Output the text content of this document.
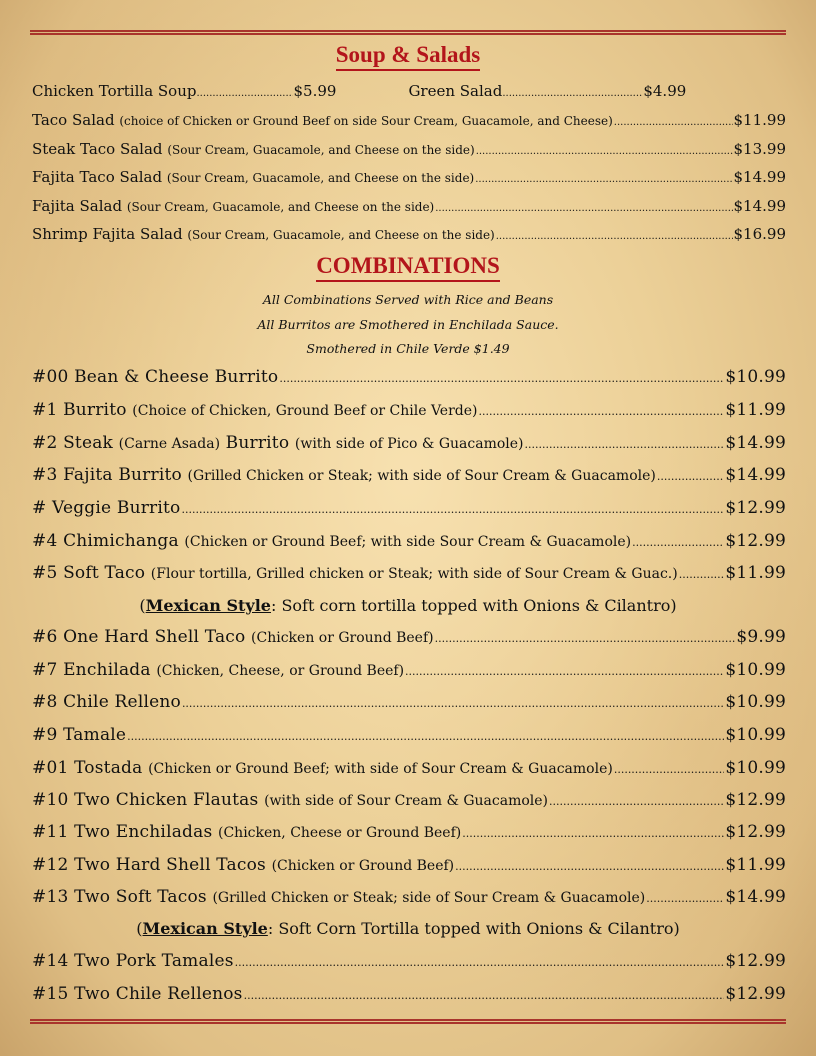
Soup & Salads
Chicken Tortilla Soup .....	$5.99	Green Salad .....	$4.99
Taco Salad
(choice of Chicken or Ground Beef on side Sour Cream, Guacamole, and Cheese) .....	$11.99
Steak Taco Salad
(Sour Cream, Guacamole, and Cheese on the side) .....	$13.99
Fajita Taco Salad
(Sour Cream, Guacamole, and Cheese on the side) .....	$14.99
Fajita Salad
(Sour Cream, Guacamole, and Cheese on the side) .....	$14.99
Shrimp Fajita Salad
(Sour Cream, Guacamole, and Cheese on the side) .....	$16.99
COMBINATIONS
All Combinations Served with Rice and Beans
All Burritos are Smothered in Enchilada Sauce.
Smothered in Chile Verde $1.49
#00 Bean & Cheese Burrito .....	$10.99
#1 Burrito
(Choice of Chicken, Ground Beef or Chile Verde) .....	$11.99
#2 Steak
(Carne Asada)
Burrito
(with side of Pico & Guacamole) .....	$14.99
#3 Fajita Burrito
(Grilled Chicken or Steak; with side of Sour Cream & Guacamole) .....	$14.99
# Veggie Burrito .....	$12.99
#4 Chimichanga
(Chicken or Ground Beef; with side Sour Cream & Guacamole) .....	$12.99
#5 Soft Taco
(Flour tortilla, Grilled chicken or Steak; with side of Sour Cream & Guac.) .....	$11.99
(Mexican Style: Soft corn tortilla topped with Onions & Cilantro)
#6 One Hard Shell Taco
(Chicken or Ground Beef) .....	$9.99
#7 Enchilada
(Chicken, Cheese, or Ground Beef) .....	$10.99
#8 Chile Relleno .....	$10.99
#9 Tamale .....	$10.99
#01 Tostada
(Chicken or Ground Beef; with side of Sour Cream & Guacamole) .....	$10.99
#10 Two Chicken Flautas
(with side of Sour Cream & Guacamole) .....	$12.99
#11 Two Enchiladas
(Chicken, Cheese or Ground Beef) .....	$12.99
#12 Two Hard Shell Tacos
(Chicken or Ground Beef) .....	$11.99
#13 Two Soft Tacos
(Grilled Chicken or Steak; side of Sour Cream & Guacamole) .....	$14.99
(Mexican Style: Soft Corn Tortilla topped with Onions & Cilantro)
#14 Two Pork Tamales .....	$12.99
#15 Two Chile Rellenos .....	$12.99
